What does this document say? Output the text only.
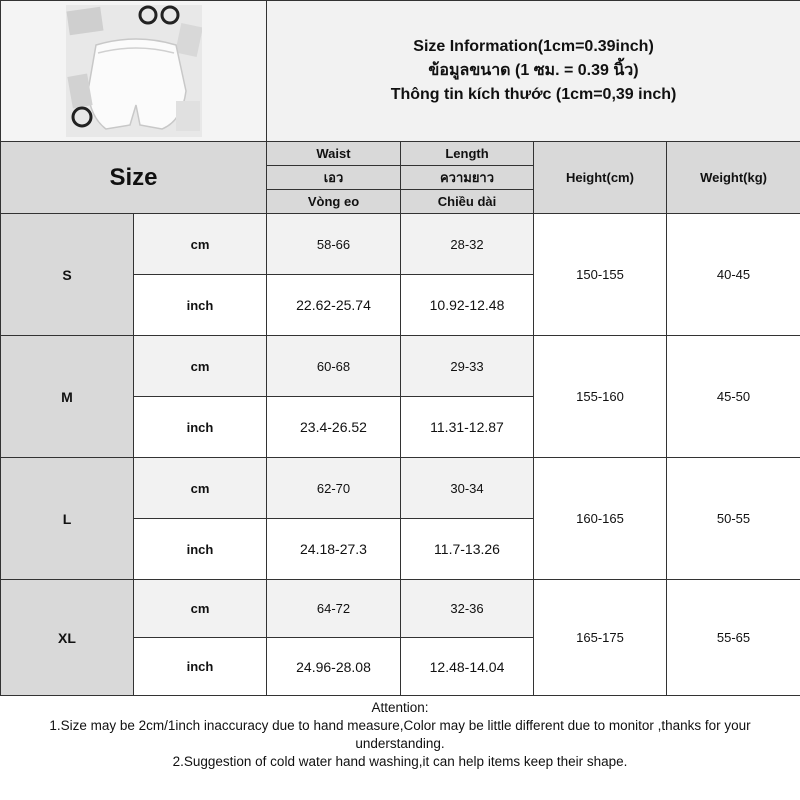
Size Information(1cm=0.39inch)
ข้อมูลขนาด (1 ซม. = 0.39 นิ้ว)
Thông tin kích thước (1cm=0,39 inch)			

Size		Waist	Length	Height(cm)	Weight(kg)
		เอว	ความยาว		
		Vòng eo	Chiều dài		
S	cm	58-66	28-32	150-155	40-45
	inch	22.62-25.74	10.92-12.48		
M	cm	60-68	29-33	155-160	45-50
	inch	23.4-26.52	11.31-12.87		
L	cm	62-70	30-34	160-165	50-55
	inch	24.18-27.3	11.7-13.26		
XL	cm	64-72	32-36	165-175	55-65
	inch	24.96-28.08	12.48-14.04		
Attention:
1.Size may be 2cm/1inch inaccuracy due to hand measure,Color may be little different due to monitor ,thanks for your understanding.
2.Suggestion of cold water hand washing,it can help items keep their shape.
